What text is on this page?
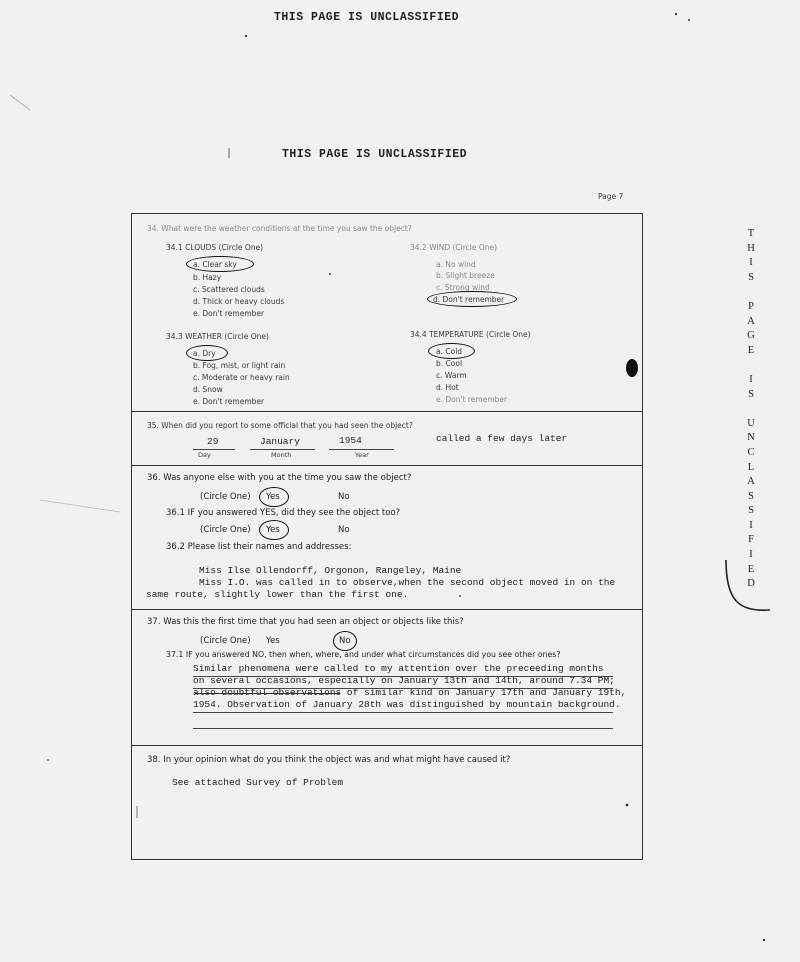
THIS PAGE IS UNCLASSIFIED
THIS PAGE IS UNCLASSIFIED
Page 7
T
H
I
S
P
A
G
E
I
S
U
N
C
L
A
S
S
I
F
I
E
D
34. What were the weather conditions at the time you saw the object?
34.1 CLOUDS (Circle One)
a. Clear sky
b. Hazy
c. Scattered clouds
d. Thick or heavy clouds
e. Don't remember
34.2 WIND (Circle One)
a. No wind
b. Slight breeze
c. Strong wind
d. Don't remember
34.3 WEATHER (Circle One)
a. Dry
b. Fog, mist, or light rain
c. Moderate or heavy rain
d. Snow
e. Don't remember
34.4 TEMPERATURE (Circle One)
a. Cold
b. Cool
c. Warm
d. Hot
e. Don't remember
35. When did you report to some official that you had seen the object?
29	January	1954	called a few days later
Day	Month	Year
36. Was anyone else with you at the time you saw the object?
(Circle One) Yes	No
36.1 IF you answered YES, did they see the object too?
(Circle One) Yes	No
36.2 Please list their names and addresses:
Miss Ilse Ollendorff, Orgonon, Rangeley, Maine
Miss I.O. was called in to observe,when the second object moved in on the
same route, slightly lower than the first one.
37. Was this the first time that you had seen an object or objects like this?
(Circle One) Yes	No
37.1 IF you answered NO, then when, where, and under what circumstances did you see other ones?
Similar phenomena were called to my attention over the preceeding months
on several occasions, especially on January 13th and 14th, around 7.34 PM;
also doubtful observations of similar kind on January 17th and January 19th,
1954. Observation of January 28th was distinguished by mountain background.
38. In your opinion what do you think the object was and what might have caused it?
See attached Survey of Problem
